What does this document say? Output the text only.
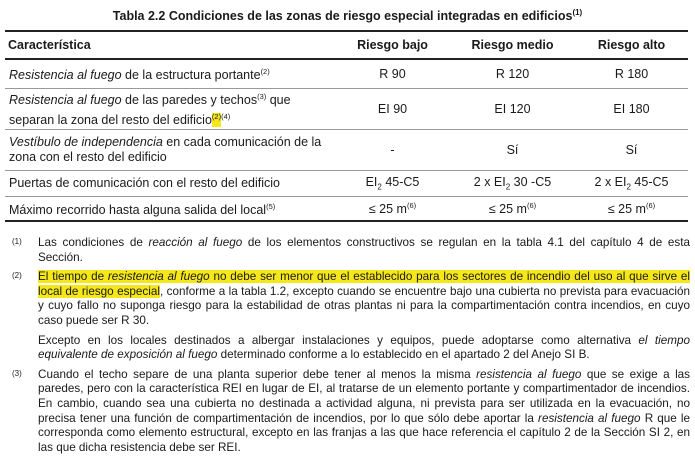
Tabla 2.2 Condiciones de las zonas de riesgo especial integradas en edificios$^{(1)}$
Característica	Riesgo bajo	Riesgo medio	Riesgo alto
Resistencia al fuego de la estructura portante$^{(2)}$	R 90	R 120	R 180
Resistencia al fuego de las paredes y techos$^{(3)}$ que separan la zona del resto del edificio$^{(2)(4)}$	EI 90	EI 120	EI 180
Vestíbulo de independencia en cada comunicación de la zona con el resto del edificio	-	Sí	Sí
Puertas de comunicación con el resto del edificio	$EI_2$ 45-C5	2 x $EI_2$ 30 -C5	2 x $EI_2$ 45-C5
Máximo recorrido hasta alguna salida del local$^{(5)}$	≤ 25 $m^{(6)}$	≤ 25 $m^{(6)}$	≤ 25 $m^{(6)}$
(1)	Las condiciones de reacción al fuego de los elementos constructivos se regulan en la tabla 4.1 del capítulo 4 de esta Sección.
(2)	El tiempo de resistencia al fuego no debe ser menor que el establecido para los sectores de incendio del uso al que sirve el local de riesgo especial, conforme a la tabla 1.2, excepto cuando se encuentre bajo una cubierta no prevista para evacuación y cuyo fallo no suponga riesgo para la estabilidad de otras plantas ni para la compartimentación contra incendios, en cuyo caso puede ser R 30.

Excepto en los locales destinados a albergar instalaciones y equipos, puede adoptarse como alternativa el tiempo equivalente de exposición al fuego determinado conforme a lo establecido en el apartado 2 del Anejo SI B.

(3)	Cuando el techo separe de una planta superior debe tener al menos la misma resistencia al fuego que se exige a las paredes, pero con la característica REI en lugar de EI, al tratarse de un elemento portante y compartimentador de incendios. En cambio, cuando sea una cubierta no destinada a actividad alguna, ni prevista para ser utilizada en la evacuación, no precisa tener una función de compartimentación de incendios, por lo que sólo debe aportar la resistencia al fuego R que le corresponda como elemento estructural, excepto en las franjas a las que hace referencia el capítulo 2 de la Sección SI 2, en las que dicha resistencia debe ser REI.
